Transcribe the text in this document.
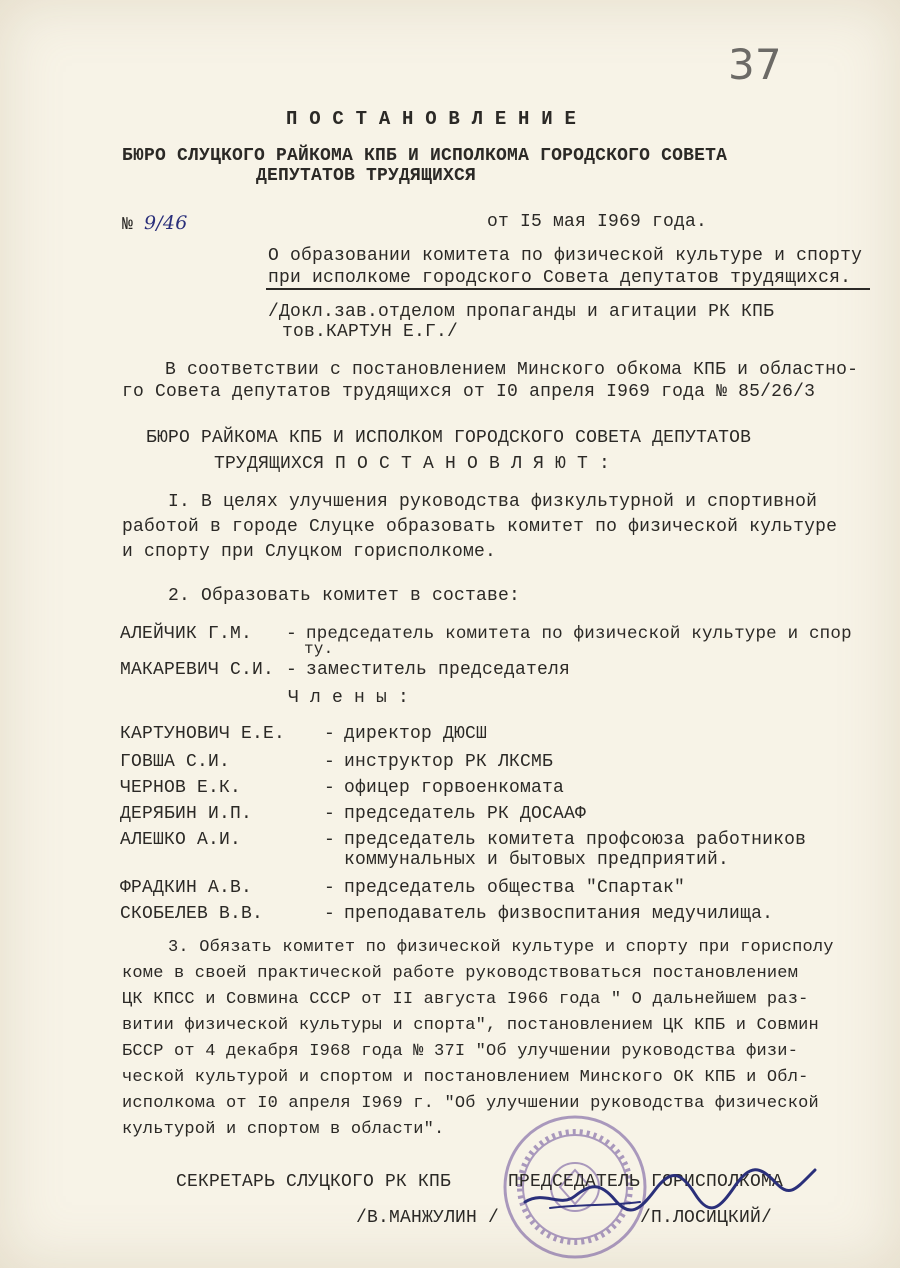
37
П О С Т А Н О В Л Е Н И Е
БЮРО СЛУЦКОГО РАЙКОМА КПБ И ИСПОЛКОМА ГОРОДСКОГО СОВЕТА
ДЕПУТАТОВ ТРУДЯЩИХСЯ
№ 9/46	от I5 мая I969 года.
О образовании комитета по физической культуре и спорту
при исполкоме городского Совета депутатов трудящихся.
/Докл.зав.отделом пропаганды и агитации РК КПБ
тов.КАРТУН Е.Г./
В соответствии с постановлением Минского обкома КПБ и областно-
го Совета депутатов трудящихся от I0 апреля I969 года № 85/26/3
БЮРО РАЙКОМА КПБ И ИСПОЛКОМ ГОРОДСКОГО СОВЕТА ДЕПУТАТОВ
ТРУДЯЩИХСЯ П О С Т А Н О В Л Я Ю Т :
I. В целях улучшения руководства физкультурной и спортивной
работой в городе Слуцке образовать комитет по физической культуре
и спорту при Слуцком горисполкоме.
2. Образовать комитет в составе:
АЛЕЙЧИК Г.М. - председатель комитета по физической культуре и спор
ту.
МАКАРЕВИЧ С.И. - заместитель председателя
Ч л е н ы :
КАРТУНОВИЧ Е.Е. - директор ДЮСШ
ГОВША С.И.	- инструктор РК ЛКСМБ
ЧЕРНОВ Е.К.	- офицер горвоенкомата
ДЕРЯБИН И.П.	- председатель РК ДОСААФ
АЛЕШКО А.И.	- председатель комитета профсоюза работников
коммунальных и бытовых предприятий.
ФРАДКИН А.В.	- председатель общества "Спартак"
СКОБЕЛЕВ В.В.	- преподаватель физвоспитания медучилища.
3. Обязать комитет по физической культуре и спорту при горисполу
коме в своей практической работе руководствоваться постановлением
ЦК КПСС и Совмина СССР от II августа I966 года " О дальнейшем раз-
витии физической культуры и спорта", постановлением ЦК КПБ и Совмин
БССР от 4 декабря I968 года № 37I "Об улучшении руководства физи-
ческой культурой и спортом и постановлением Минского ОК КПБ и Обл-
исполкома от I0 апреля I969 г. "Об улучшении руководства физической
культурой и спортом в области".
СЕКРЕТАРЬ СЛУЦКОГО РК КПБ	ПРЕДСЕДАТЕЛЬ ГОРИСПОЛКОМА
/В.МАНЖУЛИН /	/П.ЛОСИЦКИЙ/
